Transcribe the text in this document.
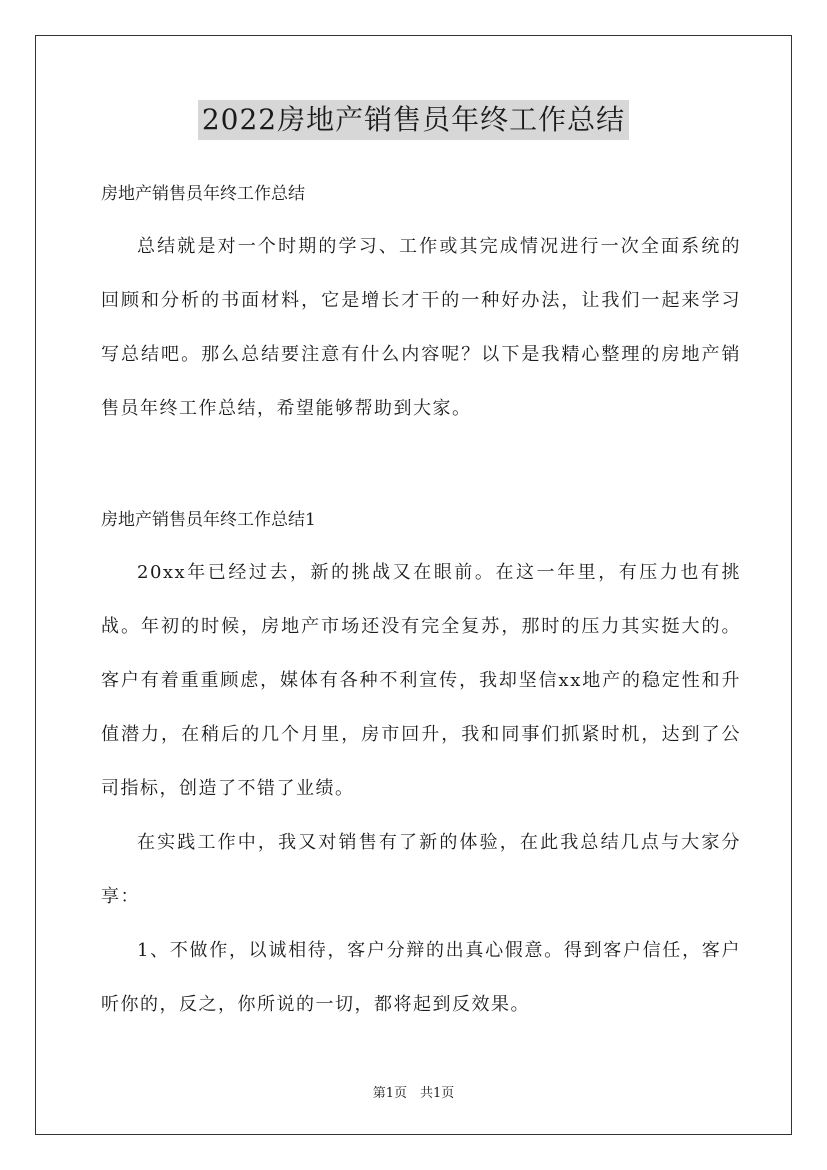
2022房地产销售员年终工作总结
房地产销售员年终工作总结

总结就是对一个时期的学习、工作或其完成情况进行一次全面系统的回顾和分析的书面材料，它是增长才干的一种好办法，让我们一起来学习写总结吧。那么总结要注意有什么内容呢？以下是我精心整理的房地产销售员年终工作总结，希望能够帮助到大家。

房地产销售员年终工作总结1

20xx年已经过去，新的挑战又在眼前。在这一年里，有压力也有挑战。年初的时候，房地产市场还没有完全复苏，那时的压力其实挺大的。客户有着重重顾虑，媒体有各种不利宣传，我却坚信xx地产的稳定性和升值潜力，在稍后的几个月里，房市回升，我和同事们抓紧时机，达到了公司指标，创造了不错了业绩。

在实践工作中，我又对销售有了新的体验，在此我总结几点与大家分享：

1、不做作，以诚相待，客户分辩的出真心假意。得到客户信任，客户听你的，反之，你所说的一切，都将起到反效果。

第1页　共1页
